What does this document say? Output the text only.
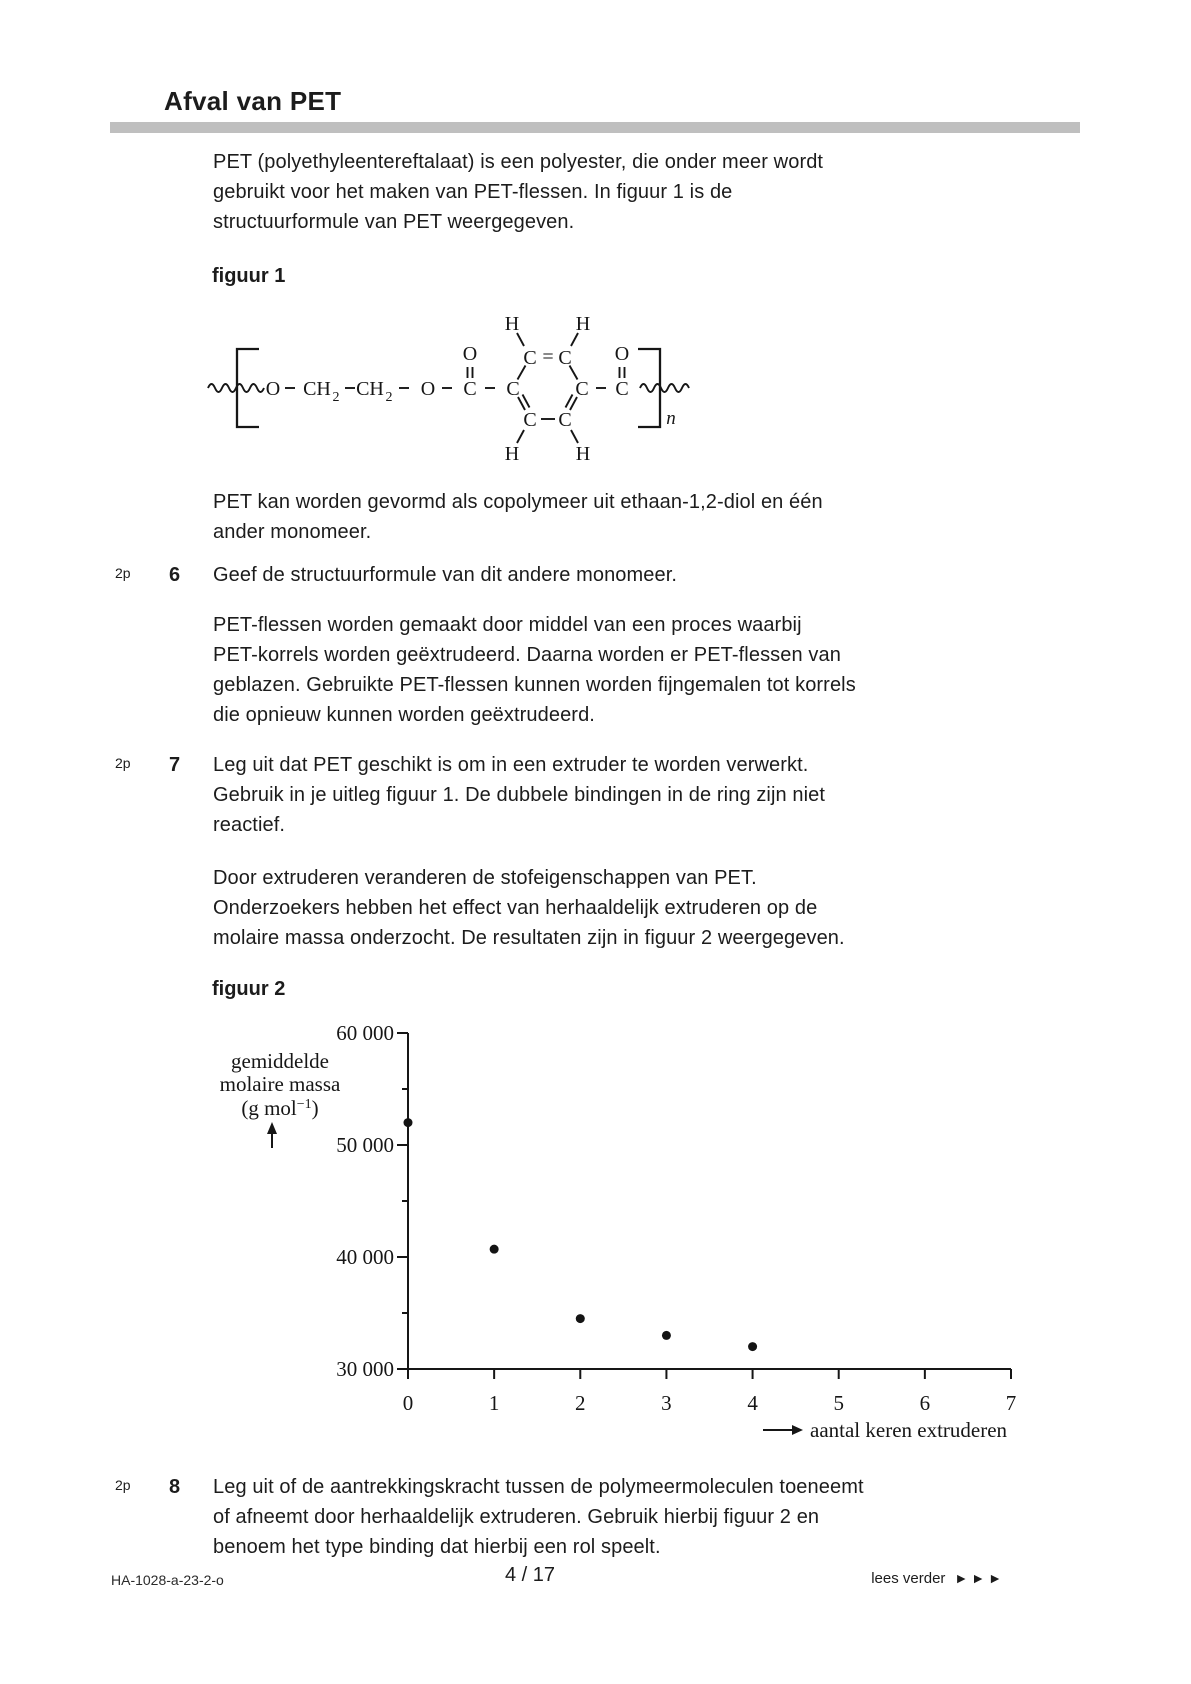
Afval van PET
PET (polyethyleentereftalaat) is een polyester, die onder meer wordt
gebruikt voor het maken van PET-flessen. In figuur 1 is de
structuurformule van PET weergegeven.
figuur 1
O CH 2 CH 2 O C
O
C
C = C
C
C C
H	H
H	H
C
O
n
PET kan worden gevormd als copolymeer uit ethaan-1,2-diol en één
ander monomeer.
2p 6 Geef de structuurformule van dit andere monomeer.
PET-flessen worden gemaakt door middel van een proces waarbij
PET-korrels worden geëxtrudeerd. Daarna worden er PET-flessen van
geblazen. Gebruikte PET-flessen kunnen worden fijngemalen tot korrels
die opnieuw kunnen worden geëxtrudeerd.
2p 7 Leg uit dat PET geschikt is om in een extruder te worden verwerkt.
Gebruik in je uitleg figuur 1. De dubbele bindingen in de ring zijn niet
reactief.
Door extruderen veranderen de stofeigenschappen van PET.
Onderzoekers hebben het effect van herhaaldelijk extruderen op de
molaire massa onderzocht. De resultaten zijn in figuur 2 weergegeven.
figuur 2
gemiddelde
molaire massa
(g mol$^{-1}$)
30 000
40 000
50 000
60 000
0	1	2	3	4	5	6	7
aantal keren extruderen
2p 8 Leg uit of de aantrekkingskracht tussen de polymeermoleculen toeneemt
of afneemt door herhaaldelijk extruderen. Gebruik hierbij figuur 2 en
benoem het type binding dat hierbij een rol speelt.
HA-1028-a-23-2-o	4 / 17	lees verder ►►►
